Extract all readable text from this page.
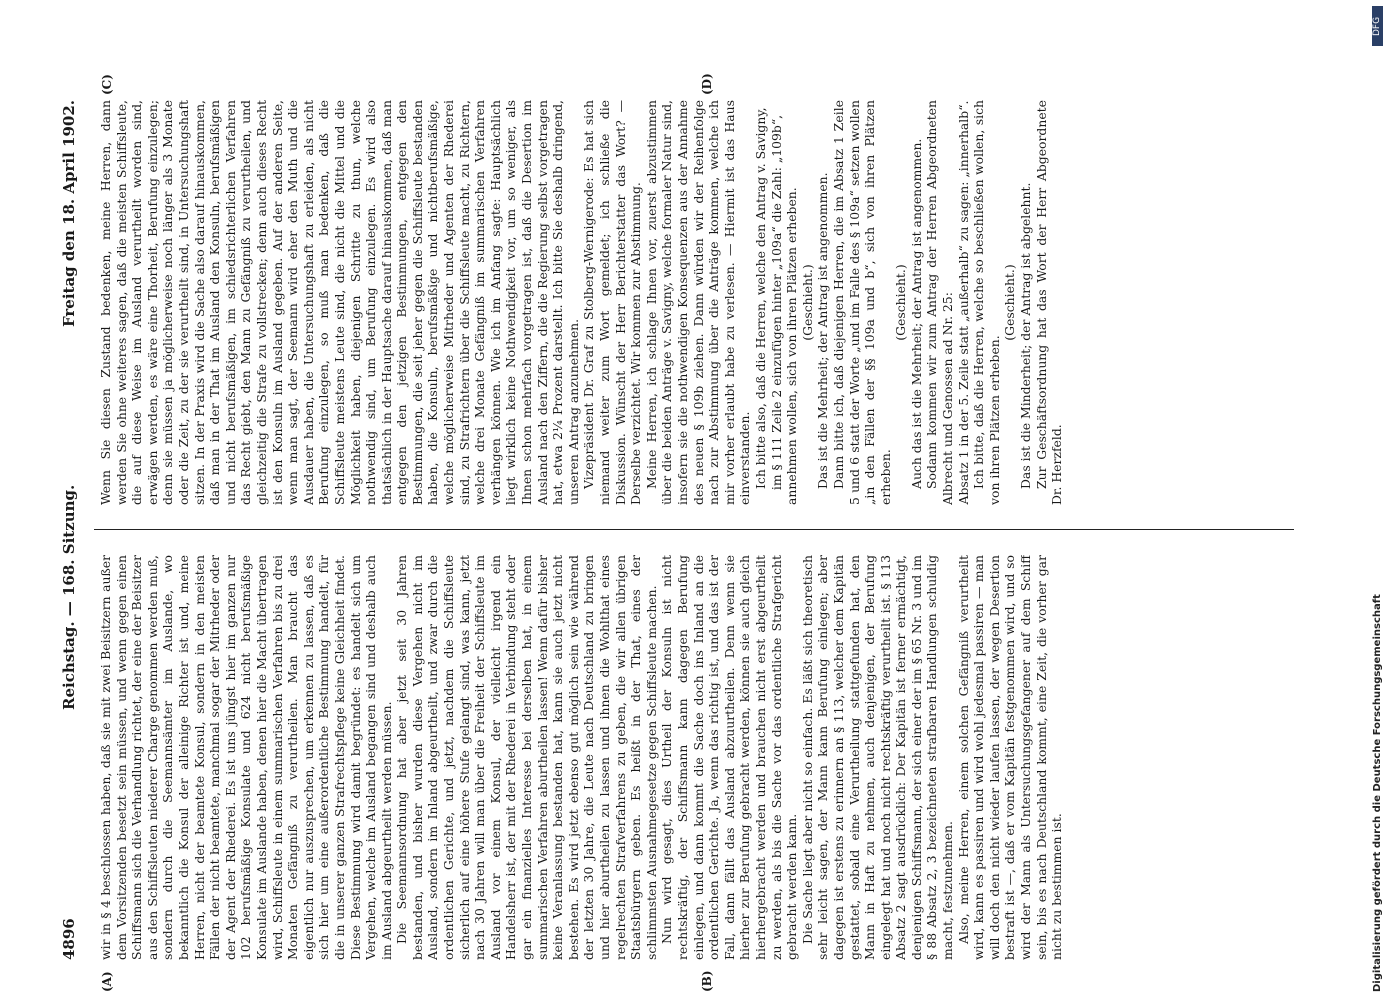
DFG
Digitalisierung gefördert durch die Deutsche Forschungsgemeinschaft
4896
Reichstag. — 168. Sitzung.
Freitag den 18. April 1902.
(A)	(B)
(C)	(D)

wir in § 4 beschlossen haben, daß sie mit zwei Beisitzern außer dem Vorsitzenden besetzt sein müssen, und wenn gegen einen Schiffsmann sich die Verhandlung richtet, der eine der Beisitzer aus den Schiffsleuten niederer Charge genommen werden muß, sondern durch die Seemannsämter im Auslande, wo bekanntlich die Konsul der alleinige Richter ist und, meine Herren, nicht der beamtete Konsul, sondern in den meisten Fällen der nicht beamtete, manchmal sogar der Mitrheder oder der Agent der Rhederei. Es ist uns jüngst hier im ganzen nur 102 berufsmäßige Konsulate und 624 nicht berufsmäßige Konsulate im Auslande haben, denen hier die Macht übertragen wird, Schiffsleute in einem summarischen Verfahren bis zu drei Monaten Gefängniß zu verurtheilen. Man braucht das eigentlich nur auszusprechen, um erkennen zu lassen, daß es sich hier um eine außerordentliche Bestimmung handelt, für die in unserer ganzen Strafrechtspflege keine Gleichheit findet. Diese Bestimmung wird damit begründet: es handelt sich um Vergehen, welche im Ausland begangen sind und deshalb auch im Ausland abgeurtheilt werden müssen. Die Seemannsordnung hat aber jetzt seit 30 Jahren bestanden, und bisher wurden diese Vergehen nicht im Ausland, sondern im Inland abgeurtheilt, und zwar durch die ordentlichen Gerichte, und jetzt, nachdem die Schiffsleute sicherlich auf eine höhere Stufe gelangt sind, was kann, jetzt nach 30 Jahren will man über die Freiheit der Schiffsleute im Ausland vor einem Konsul, der vielleicht irgend ein Handelsherr ist, der mit der Rhederei in Verbindung steht oder gar ein finanzielles Interesse bei derselben hat, in einem summarischen Verfahren aburtheilen lassen! Wenn dafür bisher keine Veranlassung bestanden hat, kann sie auch jetzt nicht bestehen. Es wird jetzt ebenso gut möglich sein wie während der letzten 30 Jahre, die Leute nach Deutschland zu bringen und hier aburtheilen zu lassen und ihnen die Wohlthat eines regelrechten Strafverfahrens zu geben, die wir allen übrigen Staatsbürgern geben. Es heißt in der That, eines der schlimmsten Ausnahmegesetze gegen Schiffsleute machen. Nun wird gesagt, dies Urtheil der Konsuln ist nicht rechtskräftig, der Schiffsmann kann dagegen Berufung einlegen, und dann kommt die Sache doch ins Inland an die ordentlichen Gerichte. Ja, wenn das richtig ist, und das ist der Fall, dann fällt das Ausland abzuurtheilen. Denn wenn sie hierher zur Berufung gebracht werden, können sie auch gleich hierhergebracht werden und brauchen nicht erst abgeurtheilt zu werden, als bis die Sache vor das ordentliche Strafgericht gebracht werden kann. Die Sache liegt aber nicht so einfach. Es läßt sich theoretisch sehr leicht sagen, der Mann kann Berufung einlegen; aber dagegen ist erstens zu erinnern an § 113, welcher dem Kapitän gestattet, sobald eine Verurtheilung stattgefunden hat, den Mann in Haft zu nehmen, auch denjenigen, der Berufung eingelegt hat und noch nicht rechtskräftig verurtheilt ist. § 113 Absatz 2 sagt ausdrücklich: Der Kapitän ist ferner ermächtigt, denjenigen Schiffsmann, der sich einer der im § 65 Nr. 3 und im § 88 Absatz 2, 3 bezeichneten strafbaren Handlungen schuldig macht, festzunehmen. Also, meine Herren, einem solchen Gefängniß verurtheilt wird, kann es passiren und wird wohl jedesmal passiren — man will doch den nicht wieder laufen lassen, der wegen Desertion bestraft ist —, daß er vom Kapitän festgenommen wird, und so wird der Mann als Untersuchungsgefangener auf dem Schiff sein, bis es nach Deutschland kommt, eine Zeit, die vorher gar nicht zu bestimmen ist.

Wenn Sie diesen Zustand bedenken, meine Herren, dann werden Sie ohne weiteres sagen, daß die meisten Schiffsleute, die auf diese Weise im Ausland verurtheilt worden sind, erwägen werden, es wäre eine Thorheit, Berufung einzulegen; denn sie müssen ja möglicherweise noch länger als 3 Monate oder die Zeit, zu der sie verurtheilt sind, in Untersuchungshaft sitzen. In der Praxis wird die Sache also darauf hinauskommen, daß man in der That im Ausland den Konsuln, berufsmäßigen und nicht berufsmäßigen, im schiedsrichterlichen Verfahren das Recht giebt, den Mann zu Gefängniß zu verurtheilen, und gleichzeitig die Strafe zu vollstrecken; denn auch dieses Recht ist den Konsuln im Ausland gegeben. Auf der anderen Seite, wenn man sagt, der Seemann wird eher den Muth und die Ausdauer haben, die Untersuchungshaft zu erleiden, als nicht Berufung einzulegen, so muß man bedenken, daß die Schiffsleute meistens Leute sind, die nicht die Mittel und die Möglichkeit haben, diejenigen Schritte zu thun, welche nothwendig sind, um Berufung einzulegen. Es wird also thatsächlich in der Hauptsache darauf hinauskommen, daß man entgegen den jetzigen Bestimmungen, entgegen den Bestimmungen, die seit jeher gegen die Schiffsleute bestanden haben, die Konsuln, berufsmäßige und nichtberufsmäßige, welche möglicherweise Mitrheder und Agenten der Rhederei sind, zu Strafrichtern über die Schiffsleute macht, zu Richtern, welche drei Monate Gefängniß im summarischen Verfahren verhängen können. Wie ich im Anfang sagte: Hauptsächlich liegt wirklich keine Nothwendigkeit vor, um so weniger, als Ihnen schon mehrfach vorgetragen ist, daß die Desertion im Ausland nach den Ziffern, die die Regierung selbst vorgetragen hat, etwa 2¼ Prozent darstellt. Ich bitte Sie deshalb dringend, unseren Antrag anzunehmen. Vizepräsident Dr. Graf zu Stolberg-Wernigerode: Es hat sich niemand weiter zum Wort gemeldet; ich schließe die Diskussion. Wünscht der Herr Berichterstatter das Wort? — Derselbe verzichtet. Wir kommen zur Abstimmung. Meine Herren, ich schlage Ihnen vor, zuerst abzustimmen über die beiden Anträge v. Savigny, welche formaler Natur sind, insofern sie die nothwendigen Konsequenzen aus der Annahme des neuen § 109b ziehen. Dann würden wir der Reihenfolge nach zur Abstimmung über die Anträge kommen, welche ich mir vorher erlaubt habe zu verlesen. — Hiermit ist das Haus einverstanden. Ich bitte also, daß die Herren, welche den Antrag v. Savigny, im § 111 Zeile 2 einzufügen hinter „109a“ die Zahl: „109b“, annehmen wollen, sich von ihren Plätzen erheben. (Geschieht.) Das ist die Mehrheit; der Antrag ist angenommen. Dann bitte ich, daß diejenigen Herren, die im Absatz 1 Zeile 5 und 6 statt der Worte „und im Falle des § 109a“ setzen wollen „in den Fällen der §§ 109a und b“, sich von ihren Plätzen erheben.

(Geschieht.) Auch das ist die Mehrheit; der Antrag ist angenommen. Sodann kommen wir zum Antrag der Herren Abgeordneten Albrecht und Genossen ad Nr. 25: Absatz 1 in der 5. Zeile statt „außerhalb“ zu sagen: „innerhalb“. Ich bitte, daß die Herren, welche so beschließen wollen, sich von ihren Plätzen erheben.

(Geschieht.) Das ist die Minderheit; der Antrag ist abgelehnt. Zur Geschäftsordnung hat das Wort der Herr Abgeordnete Dr. Herzfeld.
